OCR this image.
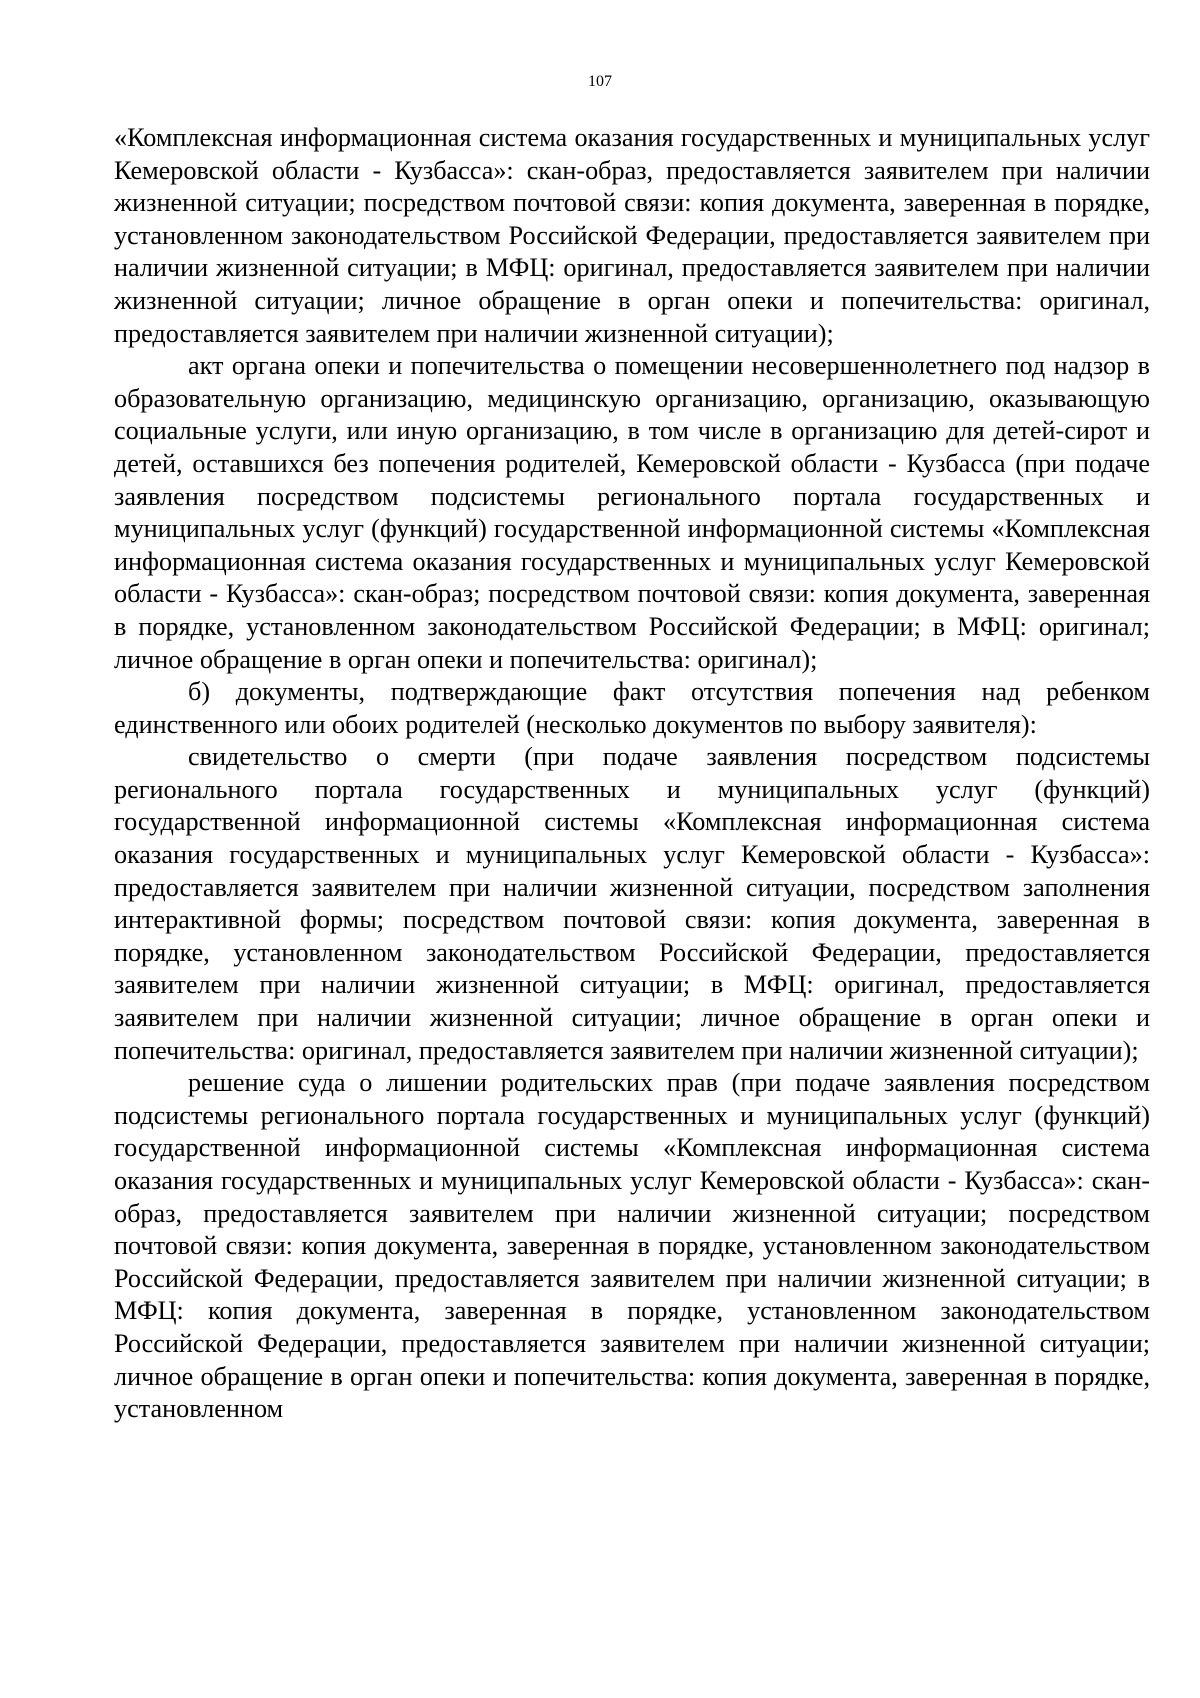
107

«Комплексная информационная система оказания государственных и муниципальных услуг Кемеровской области - Кузбасса»: скан-образ, предоставляется заявителем при наличии жизненной ситуации; посредством почтовой связи: копия документа, заверенная в порядке, установленном законодательством Российской Федерации, предоставляется заявителем при наличии жизненной ситуации; в МФЦ: оригинал, предоставляется заявителем при наличии жизненной ситуации; личное обращение в орган опеки и попечительства: оригинал, предоставляется заявителем при наличии жизненной ситуации);

акт органа опеки и попечительства о помещении несовершеннолетнего под надзор в образовательную организацию, медицинскую организацию, организацию, оказывающую социальные услуги, или иную организацию, в том числе в организацию для детей-сирот и детей, оставшихся без попечения родителей, Кемеровской области - Кузбасса (при подаче заявления посредством подсистемы регионального портала государственных и муниципальных услуг (функций) государственной информационной системы «Комплексная информационная система оказания государственных и муниципальных услуг Кемеровской области - Кузбасса»: скан-образ; посредством почтовой связи: копия документа, заверенная в порядке, установленном законодательством Российской Федерации; в МФЦ: оригинал; личное обращение в орган опеки и попечительства: оригинал);

б) документы, подтверждающие факт отсутствия попечения над ребенком единственного или обоих родителей (несколько документов по выбору заявителя):

свидетельство о смерти (при подаче заявления посредством подсистемы регионального портала государственных и муниципальных услуг (функций) государственной информационной системы «Комплексная информационная система оказания государственных и муниципальных услуг Кемеровской области - Кузбасса»: предоставляется заявителем при наличии жизненной ситуации, посредством заполнения интерактивной формы; посредством почтовой связи: копия документа, заверенная в порядке, установленном законодательством Российской Федерации, предоставляется заявителем при наличии жизненной ситуации; в МФЦ: оригинал, предоставляется заявителем при наличии жизненной ситуации; личное обращение в орган опеки и попечительства: оригинал, предоставляется заявителем при наличии жизненной ситуации);

решение суда о лишении родительских прав (при подаче заявления посредством подсистемы регионального портала государственных и муниципальных услуг (функций) государственной информационной системы «Комплексная информационная система оказания государственных и муниципальных услуг Кемеровской области - Кузбасса»: скан-образ, предоставляется заявителем при наличии жизненной ситуации; посредством почтовой связи: копия документа, заверенная в порядке, установленном законодательством Российской Федерации, предоставляется заявителем при наличии жизненной ситуации; в МФЦ: копия документа, заверенная в порядке, установленном законодательством Российской Федерации, предоставляется заявителем при наличии жизненной ситуации; личное обращение в орган опеки и попечительства: копия документа, заверенная в порядке, установленном
